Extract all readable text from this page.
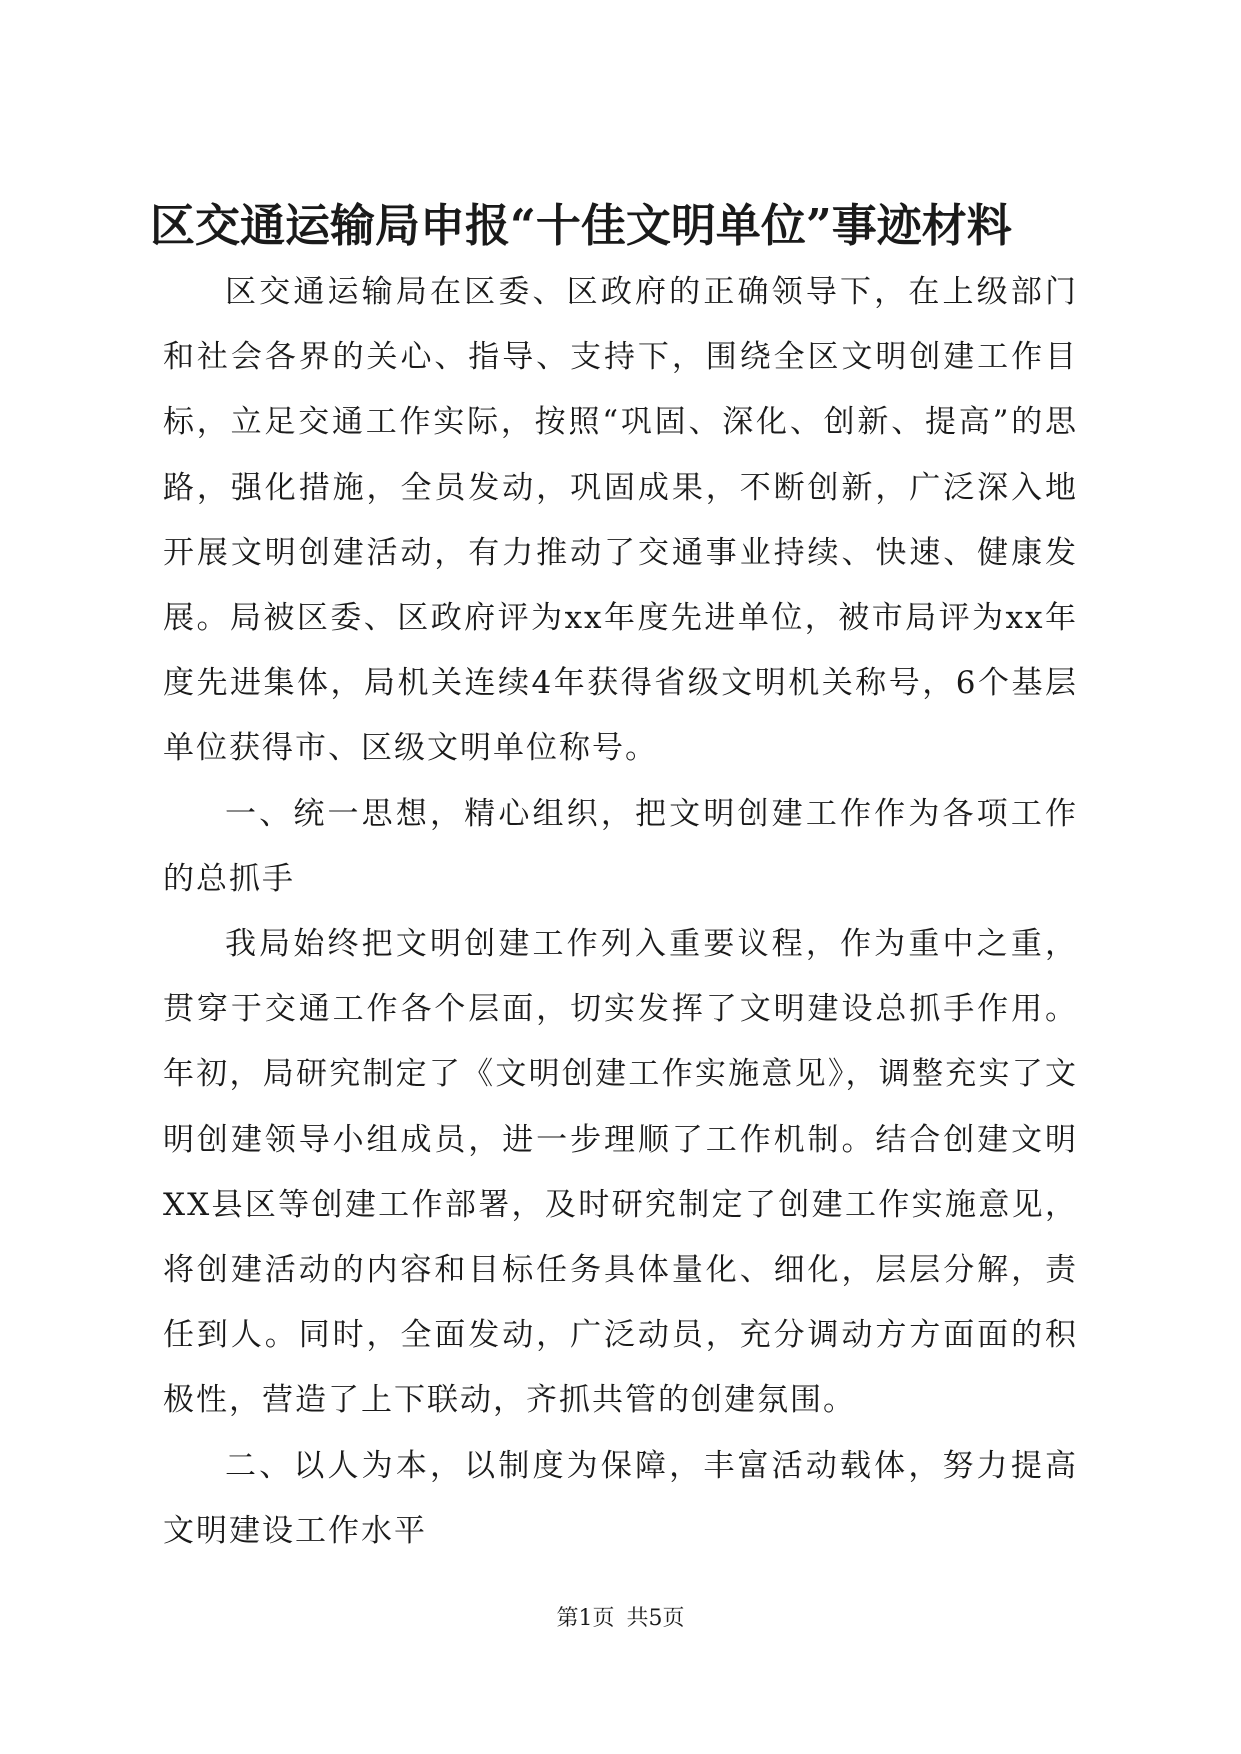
区交通运输局申报“十佳文明单位”事迹材料

区交通运输局在区委、区政府的正确领导下，在上级部门和社会各界的关心、指导、支持下，围绕全区文明创建工作目标，立足交通工作实际，按照“巩固、深化、创新、提高”的思路，强化措施，全员发动，巩固成果，不断创新，广泛深入地开展文明创建活动，有力推动了交通事业持续、快速、健康发展。局被区委、区政府评为xx年度先进单位，被市局评为xx年度先进集体，局机关连续4年获得省级文明机关称号，6个基层单位获得市、区级文明单位称号。

一、统一思想，精心组织，把文明创建工作作为各项工作的总抓手

我局始终把文明创建工作列入重要议程，作为重中之重，贯穿于交通工作各个层面，切实发挥了文明建设总抓手作用。年初，局研究制定了《文明创建工作实施意见》，调整充实了文明创建领导小组成员，进一步理顺了工作机制。结合创建文明XX县区等创建工作部署，及时研究制定了创建工作实施意见，将创建活动的内容和目标任务具体量化、细化，层层分解，责任到人。同时，全面发动，广泛动员，充分调动方方面面的积极性，营造了上下联动，齐抓共管的创建氛围。

二、以人为本，以制度为保障，丰富活动载体，努力提高文明建设工作水平

第1页 共5页
